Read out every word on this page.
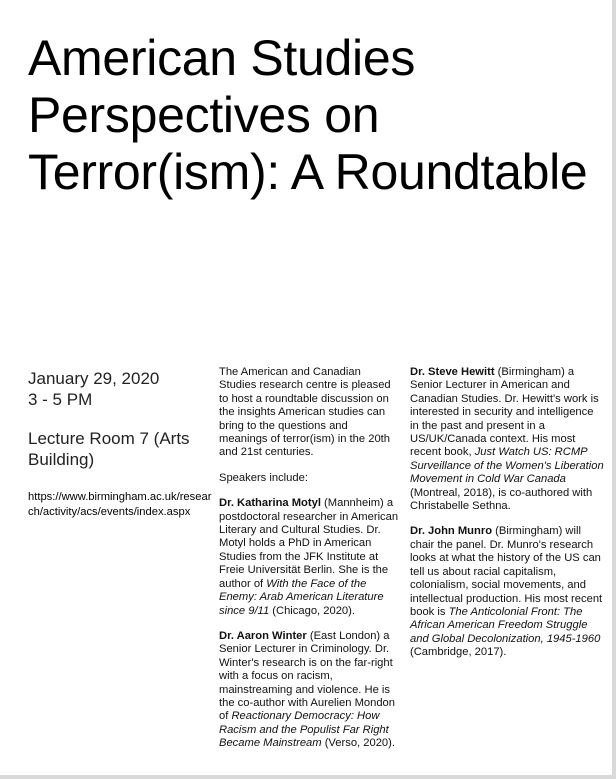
American Studies Perspectives on Terror(ism): A Roundtable
January 29, 2020
3 - 5 PM
Lecture Room 7 (Arts Building)
https://www.birmingham.ac.uk/research/activity/acs/events/index.aspx

The American and Canadian Studies research centre is pleased to host a roundtable discussion on the insights American studies can bring to the questions and meanings of terror(ism) in the 20th and 21st centuries.

Speakers include:

Dr. Katharina Motyl (Mannheim) a postdoctoral researcher in American Literary and Cultural Studies. Dr. Motyl holds a PhD in American Studies from the JFK Institute at Freie Universität Berlin. She is the author of With the Face of the Enemy: Arab American Literature since 9/11 (Chicago, 2020).

Dr. Aaron Winter (East London) a Senior Lecturer in Criminology. Dr. Winter's research is on the far-right with a focus on racism, mainstreaming and violence. He is the co-author with Aurelien Mondon of Reactionary Democracy: How Racism and the Populist Far Right Became Mainstream (Verso, 2020).

Dr. Steve Hewitt (Birmingham) a Senior Lecturer in American and Canadian Studies. Dr. Hewitt's work is interested in security and intelligence in the past and present in a US/UK/Canada context. His most recent book, Just Watch US: RCMP Surveillance of the Women's Liberation Movement in Cold War Canada (Montreal, 2018), is co-authored with Christabelle Sethna.

Dr. John Munro (Birmingham) will chair the panel. Dr. Munro's research looks at what the history of the US can tell us about racial capitalism, colonialism, social movements, and intellectual production. His most recent book is The Anticolonial Front: The African American Freedom Struggle and Global Decolonization, 1945-1960 (Cambridge, 2017).
